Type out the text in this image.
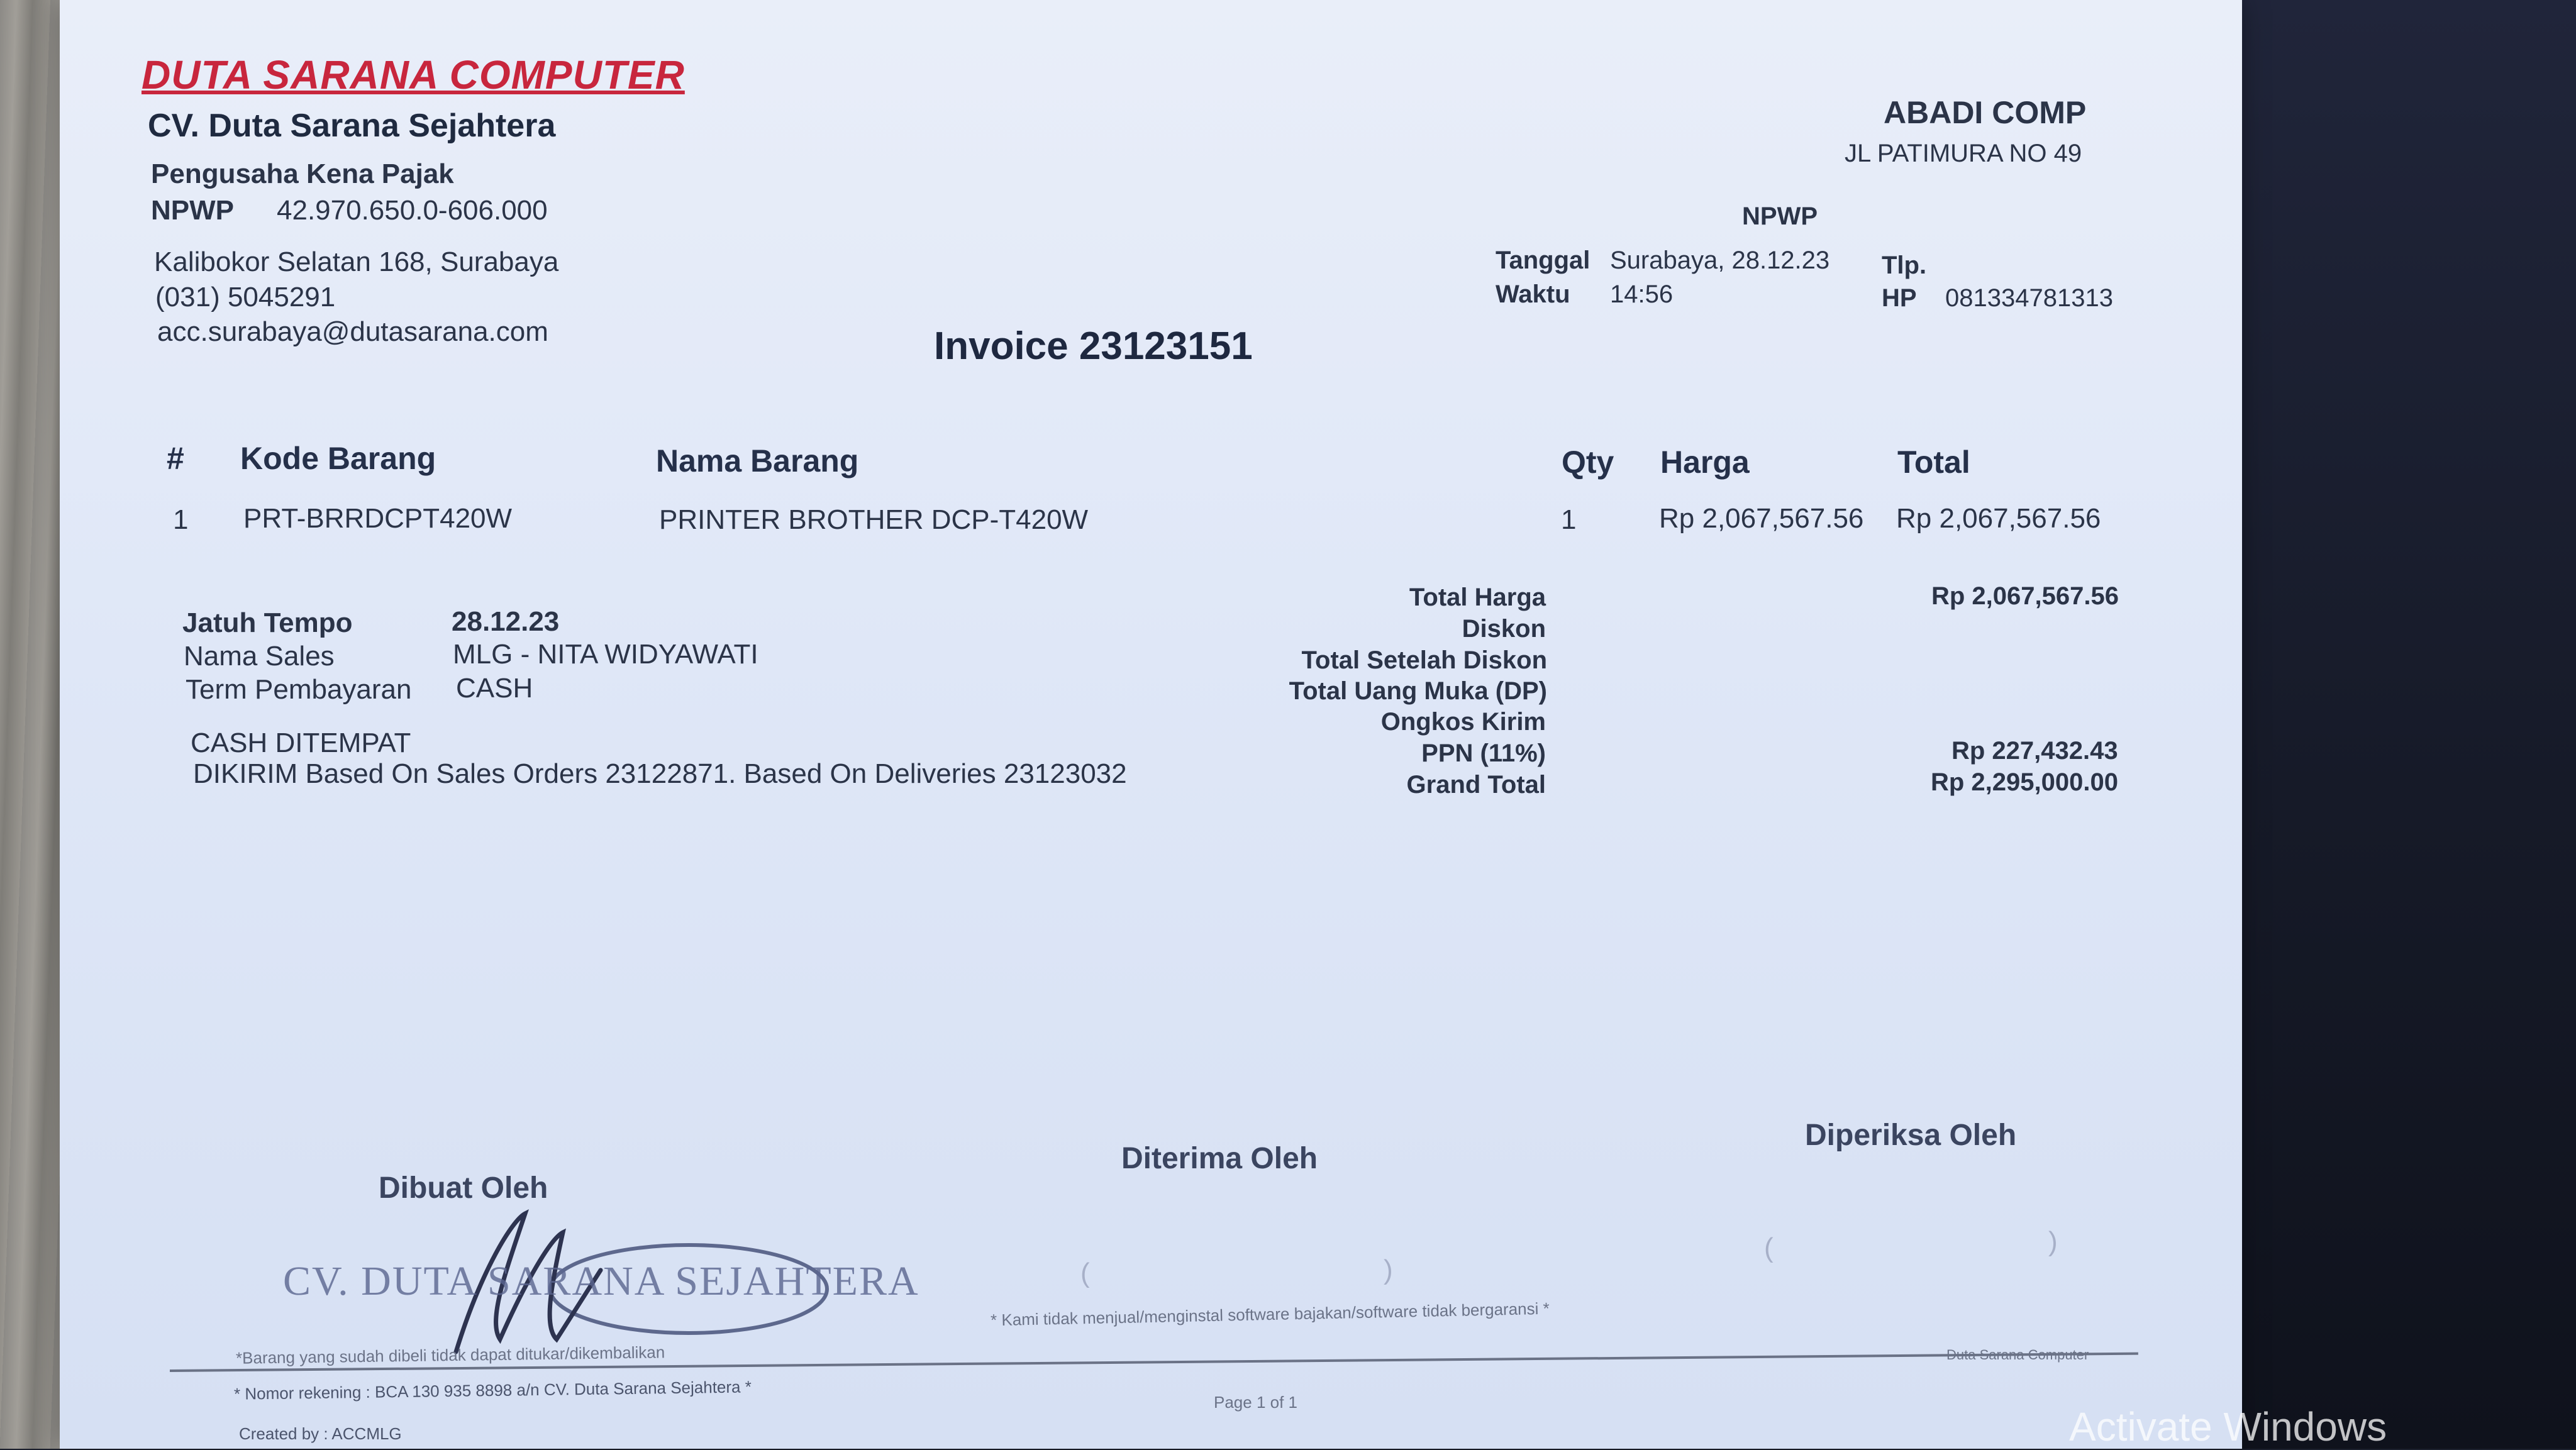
DUTA SARANA COMPUTER
CV. Duta Sarana Sejahtera
Pengusaha Kena Pajak
NPWP 42.970.650.0-606.000
Kalibokor Selatan 168, Surabaya
(031) 5045291
acc.surabaya@dutasarana.com
ABADI COMP
JL PATIMURA NO 49
NPWP
Tanggal Surabaya, 28.12.23
Waktu 14:56
Tlp.
HP 081334781313
Invoice 23123151
# Kode Barang	Nama Barang	Qty Harga	Total
1 PRT-BRRDCPT420W	PRINTER BROTHER DCP-T420W	1	Rp 2,067,567.56 Rp 2,067,567.56
Jatuh Tempo	28.12.23
Nama Sales	MLG - NITA WIDYAWATI
Term Pembayaran CASH
CASH DITEMPAT
DIKIRIM Based On Sales Orders 23122871. Based On Deliveries 23123032
Total Harga	Rp 2,067,567.56
Diskon
Total Setelah Diskon
Total Uang Muka (DP)
Ongkos Kirim
PPN (11%)	Rp 227,432.43
Grand Total	Rp 2,295,000.00
Dibuat Oleh
Diterima Oleh
Diperiksa Oleh
CV. DUTA SARANA SEJAHTERA
(	)
(	)
* Kami tidak menjual/menginstal software bajakan/software tidak bergaransi *
*Barang yang sudah dibeli tidak dapat ditukar/dikembalikan
* Nomor rekening : BCA 130 935 8898 a/n CV. Duta Sarana Sejahtera *	Page 1 of 1
Created by : ACCMLG	Activate Windows
